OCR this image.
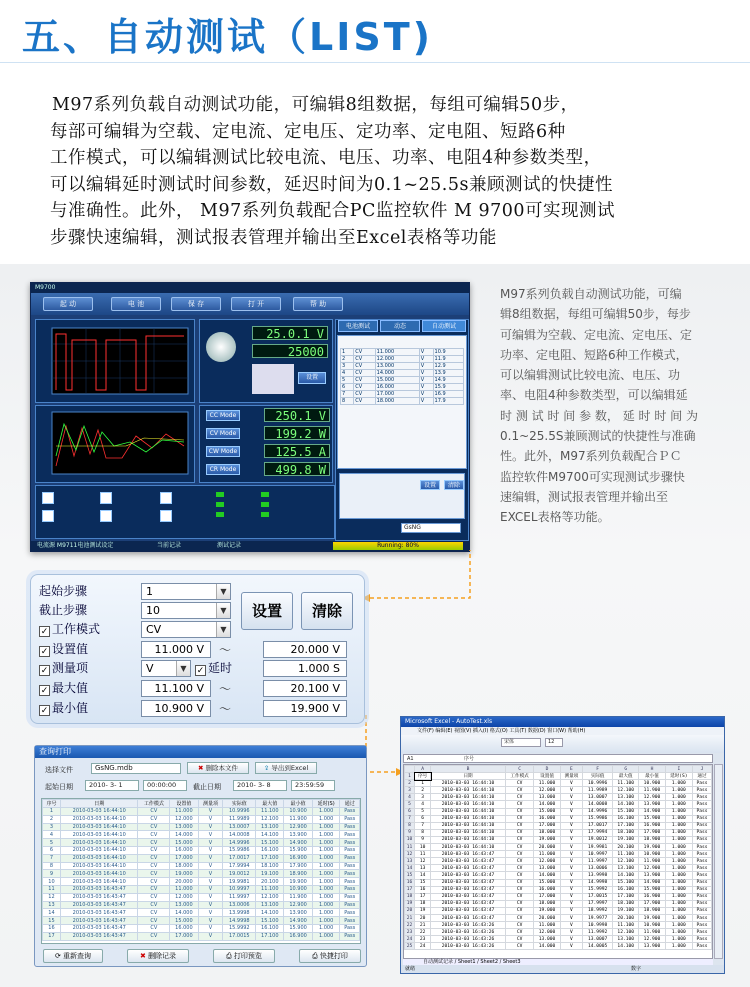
五、自动测试（LIST)
M97系列负载自动测试功能，可编辑8组数据，每组可编辑50步，
每部可编辑为空载、定电流、定电压、定功率、定电阻、短路6种
工作模式，可以编辑测试比较电流、电压、功率、电阻4种参数类型，
可以编辑延时测试时间参数，延迟时间为0.1~25.5s兼顾测试的快捷性
与准确性。此外， M97系列负载配合PC监控软件 M 9700可实现测试
步骤快速编辑，测试报表管理并输出至Excel表格等功能
M9700
起 动	电 池	保 存	打 开	帮 助
25.0.1 V
25000
设置
CC Mode
CV Mode
CW Mode
CR Mode
250.1 V
199.2 W
125.5 A
499.8 W
电池测试	动态	自动测试
1	CV	11.000	V	10.9
2	CV	12.000	V	11.9
3	CV	13.000	V	12.9
4	CV	14.000	V	13.9
5	CV	15.000	V	14.9
6	CV	16.000	V	15.9
7	CV	17.000	V	16.9
8	CV	18.000	V	17.9
设置	清除
GsNG
电流源 M9711电池测试设定	当前记录	测试记录	Running: 80%
M97系列负载自动测试功能，可编
辑8组数据，每组可编辑50步，每步
可编辑为空载、定电流、定电压、定
功率、定电阻、短路6种工作模式，
可以编辑测试比较电流、电压、功
率、电阻4种参数类型，可以编辑延
时 测 试 时 间 参 数， 延 时 时 间 为
0.1~25.5S兼顾测试的快捷性与准确
性。此外，M97系列负载配合ＰＣ
监控软件M9700可实现测试步骤快
速编辑，测试报表管理并输出至
EXCEL表格等功能。
起始步骤	1	▼
截止步骤	10	▼
✓ 工作模式	CV	▼
✓ 设置值	11.000 V	～	20.000 V
✓ 测量项	V	▼	✓ 延时	1.000 S
✓ 最大值	11.100 V	～	20.100 V
✓ 最小值	10.900 V	～	19.900 V
设置	清除
查询打印
选择文件	GsNG.mdb	✖ 删除本文件	⇪ 导出到Excel
起始日期	2010- 3- 1	00:00:00	截止日期	2010- 3- 8	23:59:59
序号	日期	工作模式	设置值	测量项	实际值	最大值	最小值	延时(S)	通过
1	2010-03-03 16:44:10	CV	11.000	V	10.9996	11.100	10.900	1.000	Pass
2	2010-03-03 16:44:10	CV	12.000	V	11.9989	12.100	11.900	1.000	Pass
3	2010-03-03 16:44:10	CV	13.000	V	13.0007	13.100	12.900	1.000	Pass
4	2010-03-03 16:44:10	CV	14.000	V	14.0008	14.100	13.900	1.000	Pass
5	2010-03-03 16:44:10	CV	15.000	V	14.9996	15.100	14.900	1.000	Pass
6	2010-03-03 16:44:10	CV	16.000	V	15.9986	16.100	15.900	1.000	Pass
7	2010-03-03 16:44:10	CV	17.000	V	17.0017	17.100	16.900	1.000	Pass
8	2010-03-03 16:44:10	CV	18.000	V	17.9994	18.100	17.900	1.000	Pass
9	2010-03-03 16:44:10	CV	19.000	V	19.0012	19.100	18.900	1.000	Pass
10	2010-03-03 16:44:10	CV	20.000	V	19.9981	20.100	19.900	1.000	Pass
11	2010-03-03 16:43:47	CV	11.000	V	10.9997	11.100	10.900	1.000	Pass
12	2010-03-03 16:43:47	CV	12.000	V	11.9997	12.100	11.900	1.000	Pass
13	2010-03-03 16:43:47	CV	13.000	V	13.0006	13.100	12.900	1.000	Pass
14	2010-03-03 16:43:47	CV	14.000	V	13.9998	14.100	13.900	1.000	Pass
15	2010-03-03 16:43:47	CV	15.000	V	14.9998	15.100	14.900	1.000	Pass
16	2010-03-03 16:43:47	CV	16.000	V	15.9992	16.100	15.900	1.000	Pass
17	2010-03-03 16:43:47	CV	17.000	V	17.0015	17.100	16.900	1.000	Pass
⟳ 重新查询	✖ 删除记录	⎙ 打印预览	⎙ 快捷打印
Microsoft Excel - AutoTest.xls
文件(F) 编辑(E) 视图(V) 插入(I) 格式(O) 工具(T) 数据(D) 窗口(W) 帮助(H)
宋体	12
A1	序号
	A	B	C	D	E	F	G	H	I	J
1	序号	日期	工作模式	设置值	测量项	实际值	最大值	最小值	延时(S)	通过
2	1	2010-03-03 16:44:10	CV	11.000	V	10.9996	11.100	10.900	1.000	Pass
3	2	2010-03-03 16:44:10	CV	12.000	V	11.9989	12.100	11.900	1.000	Pass
4	3	2010-03-03 16:44:10	CV	13.000	V	13.0007	13.100	12.900	1.000	Pass
5	4	2010-03-03 16:44:10	CV	14.000	V	14.0008	14.100	13.900	1.000	Pass
6	5	2010-03-03 16:44:10	CV	15.000	V	14.9996	15.100	14.900	1.000	Pass
7	6	2010-03-03 16:44:10	CV	16.000	V	15.9986	16.100	15.900	1.000	Pass
8	7	2010-03-03 16:44:10	CV	17.000	V	17.0017	17.100	16.900	1.000	Pass
9	8	2010-03-03 16:44:10	CV	18.000	V	17.9994	18.100	17.900	1.000	Pass
10	9	2010-03-03 16:44:10	CV	19.000	V	19.0012	19.100	18.900	1.000	Pass
11	10	2010-03-03 16:44:10	CV	20.000	V	19.9981	20.100	19.900	1.000	Pass
12	11	2010-03-03 16:43:47	CV	11.000	V	10.9997	11.100	10.900	1.000	Pass
13	12	2010-03-03 16:43:47	CV	12.000	V	11.9997	12.100	11.900	1.000	Pass
14	13	2010-03-03 16:43:47	CV	13.000	V	13.0006	13.100	12.900	1.000	Pass
15	14	2010-03-03 16:43:47	CV	14.000	V	13.9998	14.100	13.900	1.000	Pass
16	15	2010-03-03 16:43:47	CV	15.000	V	14.9998	15.100	14.900	1.000	Pass
17	16	2010-03-03 16:43:47	CV	16.000	V	15.9992	16.100	15.900	1.000	Pass
18	17	2010-03-03 16:43:47	CV	17.000	V	17.0015	17.100	16.900	1.000	Pass
19	18	2010-03-03 16:43:47	CV	18.000	V	17.9997	18.100	17.900	1.000	Pass
20	19	2010-03-03 16:43:47	CV	19.000	V	18.9992	19.100	18.900	1.000	Pass
21	20	2010-03-03 16:43:47	CV	20.000	V	19.9977	20.100	19.900	1.000	Pass
22	21	2010-03-03 16:43:26	CV	11.000	V	10.9998	11.100	10.900	1.000	Pass
23	22	2010-03-03 16:43:26	CV	12.000	V	11.9992	12.100	11.900	1.000	Pass
24	23	2010-03-03 16:43:26	CV	13.000	V	13.0007	13.100	12.900	1.000	Pass
25	24	2010-03-03 16:43:26	CV	14.000	V	14.0005	14.100	13.900	1.000	Pass
自动测试记录 / Sheet1 / Sheet2 / Sheet3
就绪	数字
